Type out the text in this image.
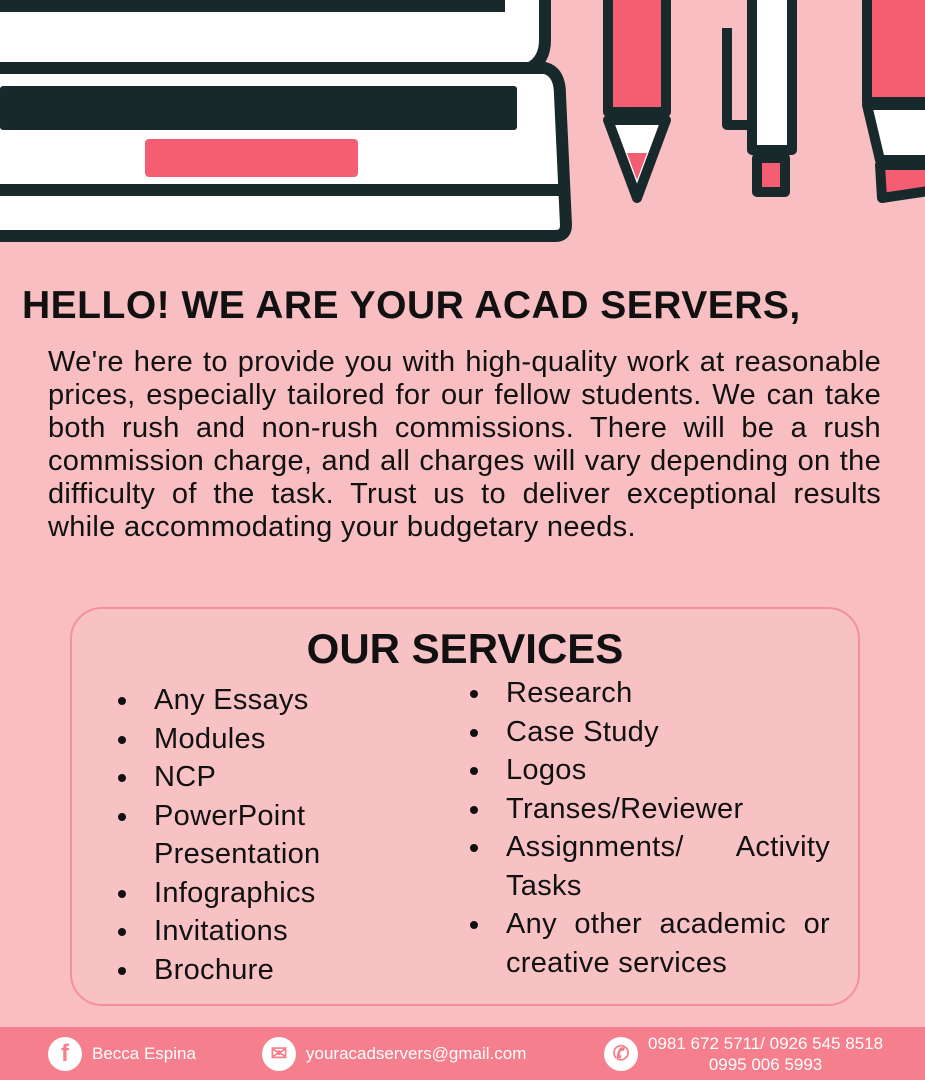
HELLO! WE ARE YOUR ACAD SERVERS,

We're here to provide you with high-quality work at reasonable prices, especially tailored for our fellow students. We can take both rush and non-rush commissions. There will be a rush commission charge, and all charges will vary depending on the difficulty of the task. Trust us to deliver exceptional results while accommodating your budgetary needs.

OUR SERVICES
Any Essays
Modules
NCP
PowerPoint Presentation
Infographics
Invitations
Brochure
Research
Case Study
Logos
Transes/Reviewer
Assignments/ Activity Tasks
Any other academic or creative services
f	Becca Espina	✉	youracadservers@gmail.com	✆	0981 672 5711/ 0926 545 8518
0995 006 5993
